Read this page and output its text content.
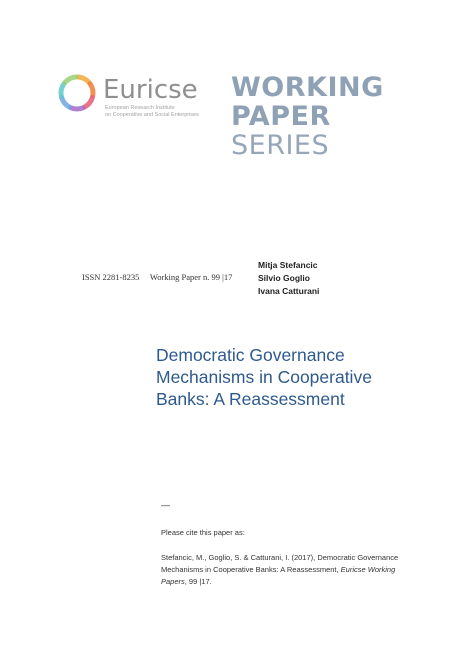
Euricse
European Research Institute
on Cooperative and Social Enterprises
WORKING
PAPER
SERIES
ISSN 2281-8235 Working Paper n. 99 |17
Mitja Stefancic
Silvio Goglio
Ivana Catturani
Democratic Governance
Mechanisms in Cooperative
Banks: A Reassessment
—
Please cite this paper as:
Stefancic, M., Goglio, S. & Catturani, I. (2017), Democratic Governance
Mechanisms in Cooperative Banks: A Reassessment, Euricse Working
Papers, 99 |17.
